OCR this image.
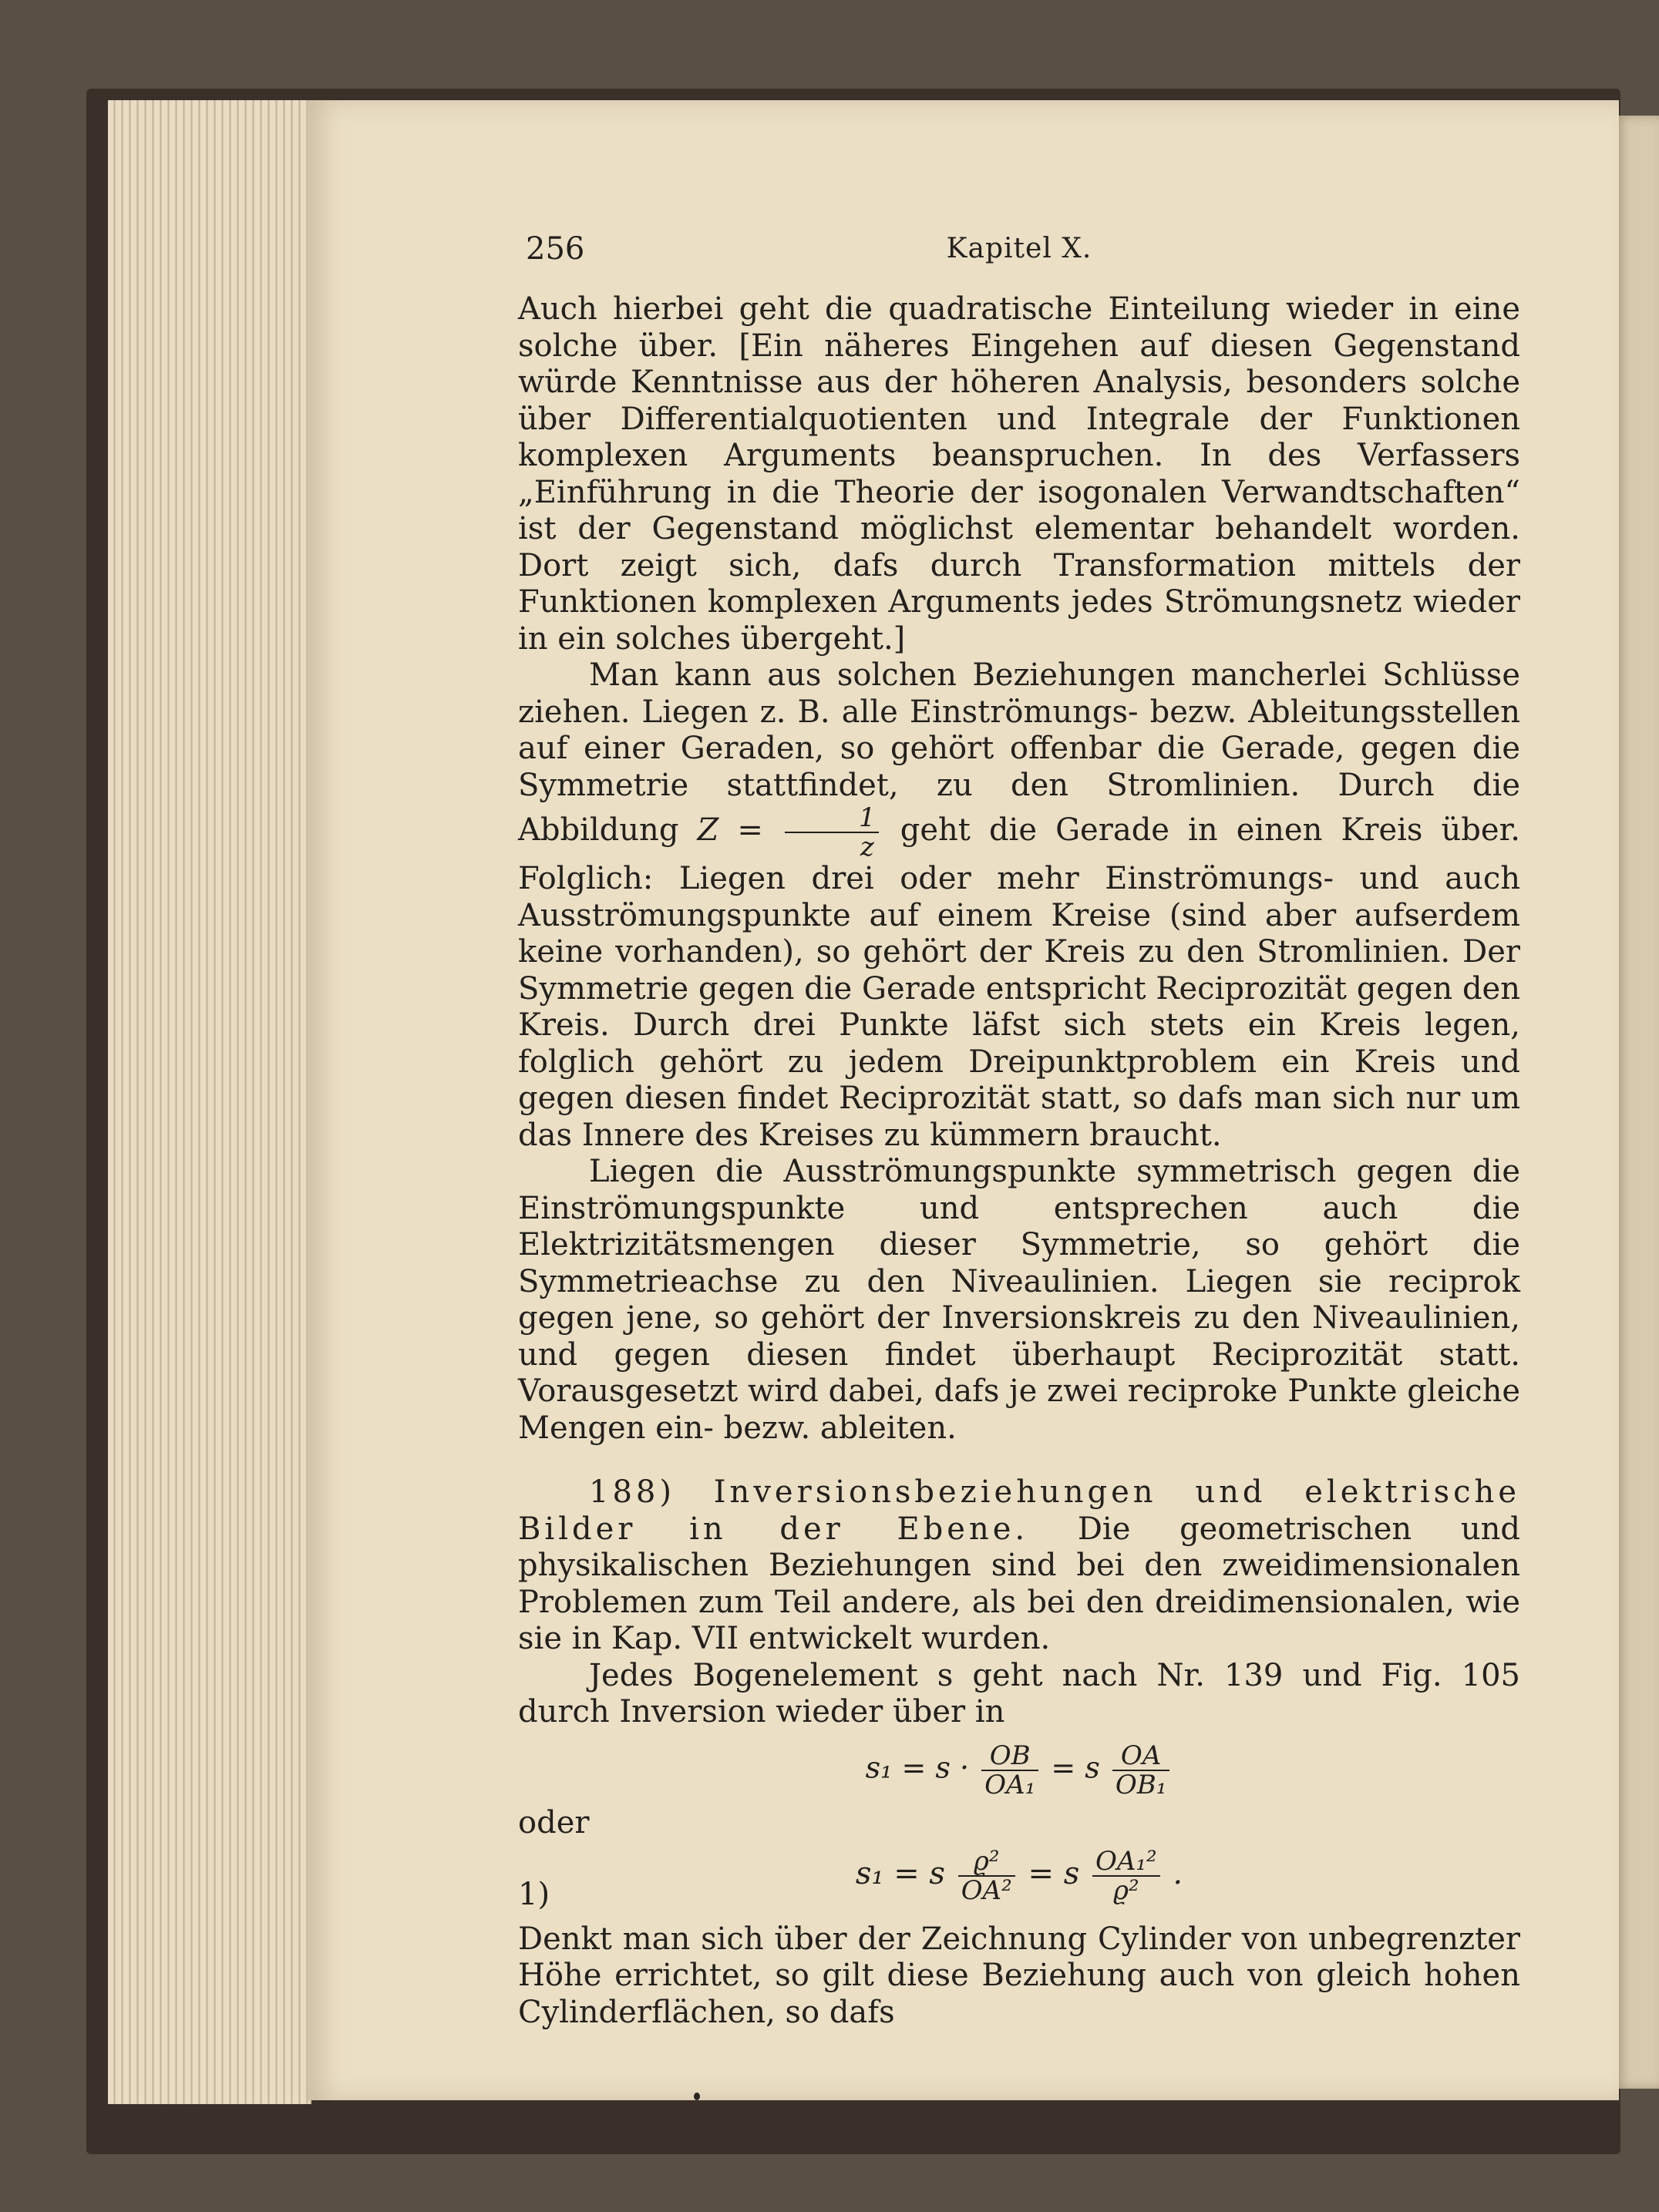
256	Kapitel X.

Auch hierbei geht die quadratische Einteilung wieder in eine solche über. [Ein näheres Eingehen auf diesen Gegenstand würde Kenntnisse aus der höheren Analysis, besonders solche über Differentialquotienten und Integrale der Funktionen komplexen Arguments beanspruchen. In des Verfassers „Einführung in die Theorie der isogonalen Verwandtschaften“ ist der Gegenstand möglichst elementar behandelt worden. Dort zeigt sich, dafs durch Transformation mittels der Funktionen komplexen Arguments jedes Strömungsnetz wieder in ein solches übergeht.]

Man kann aus solchen Beziehungen mancherlei Schlüsse ziehen. Liegen z. B. alle Einströmungs- bezw. Ableitungsstellen auf einer Geraden, so gehört offenbar die Gerade, gegen die Symmetrie stattfindet, zu den Stromlinien. Durch die Abbildung $Z = \frac{1}{z}$ geht die Gerade in einen Kreis über. Folglich: Liegen drei oder mehr Einströmungs- und auch Ausströmungspunkte auf einem Kreise (sind aber aufserdem keine vorhanden), so gehört der Kreis zu den Stromlinien. Der Symmetrie gegen die Gerade entspricht Reciprozität gegen den Kreis. Durch drei Punkte läfst sich stets ein Kreis legen, folglich gehört zu jedem Dreipunktproblem ein Kreis und gegen diesen findet Reciprozität statt, so dafs man sich nur um das Innere des Kreises zu kümmern braucht.

Liegen die Ausströmungspunkte symmetrisch gegen die Einströmungspunkte und entsprechen auch die Elektrizitätsmengen dieser Symmetrie, so gehört die Symmetrieachse zu den Niveaulinien. Liegen sie reciprok gegen jene, so gehört der Inversionskreis zu den Niveaulinien, und gegen diesen findet überhaupt Reciprozität statt. Vorausgesetzt wird dabei, dafs je zwei reciproke Punkte gleiche Mengen ein- bezw. ableiten.

188) Inversionsbeziehungen und elektrische Bilder in der Ebene. Die geometrischen und physikalischen Beziehungen sind bei den zweidimensionalen Problemen zum Teil andere, als bei den dreidimensionalen, wie sie in Kap. VII entwickelt wurden.

Jedes Bogenelement s geht nach Nr. 139 und Fig. 105 durch Inversion wieder über in

$s_1 = s \cdot \frac{OB}{\text{OA₁}} = s \frac{OA}{\text{OB₁}}$
oder
1)
s₁ = s $\frac{\text{ϱ²}}{\text{OA²}} = s \frac{\text{OA₁²}}{\text{ϱ²}}$ .

Denkt man sich über der Zeichnung Cylinder von unbegrenzter Höhe errichtet, so gilt diese Beziehung auch von gleich hohen Cylinderflächen, so dafs
